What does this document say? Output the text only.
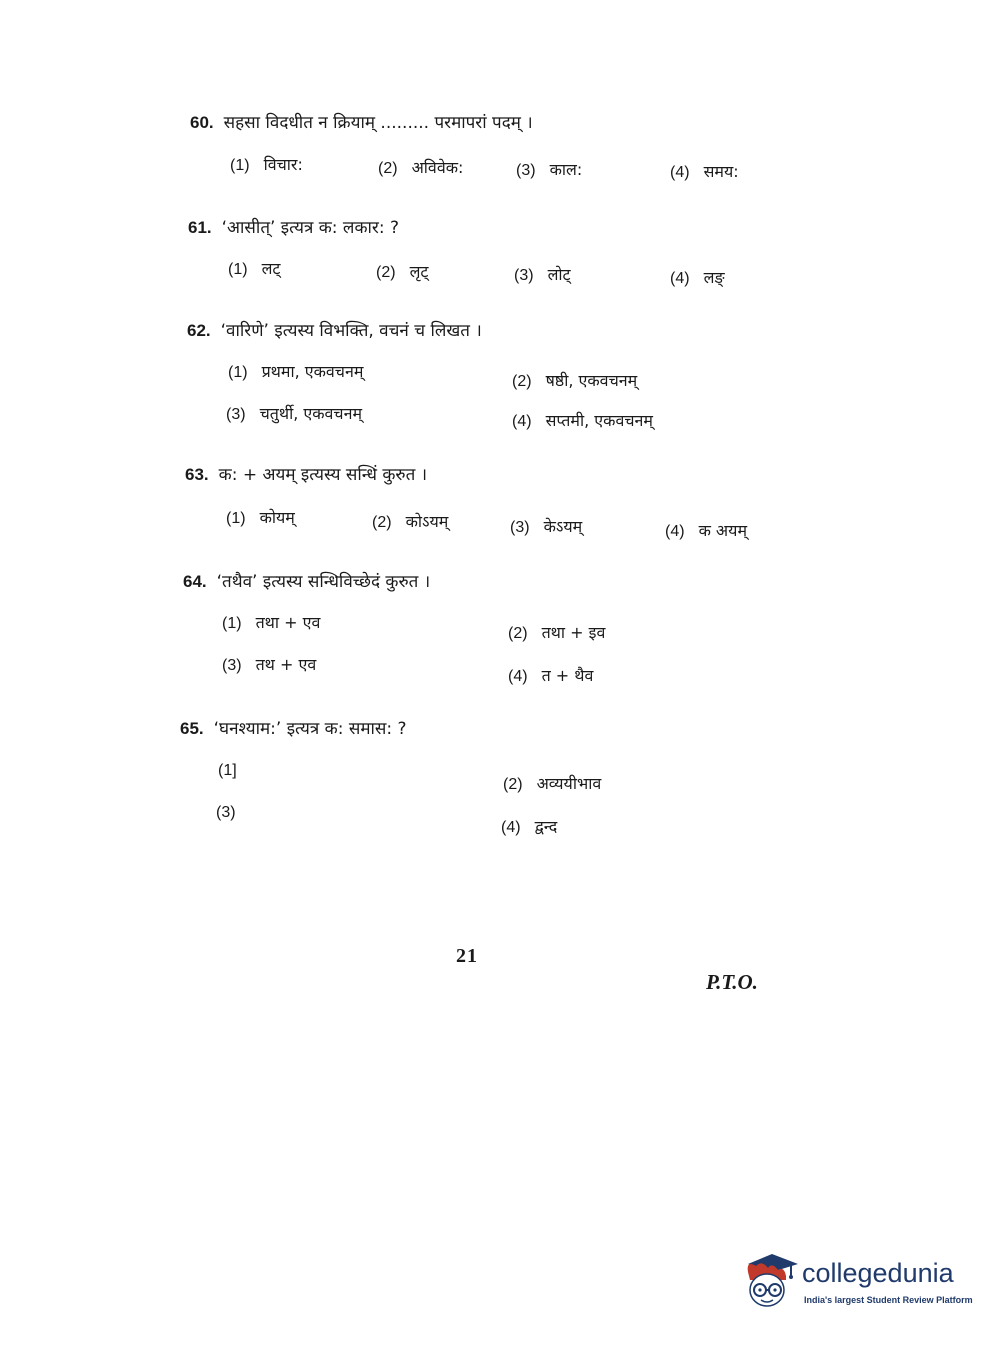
60. सहसा विदधीत न क्रियाम् ......... परमापरां पदम् ।
(1) विचार:	(2) अविवेक:	(3) काल:	(4) समय:
61. ‘आसीत्’ इत्यत्र क: लकार: ?
(1) लट्	(2) लृट्	(3) लोट्	(4) लङ्
62. ‘वारिणे’ इत्यस्य विभक्ति, वचनं च लिखत ।
(1) प्रथमा, एकवचनम्
(2) षष्ठी, एकवचनम्
(3) चतुर्थी, एकवचनम्	(4) सप्तमी, एकवचनम्
63. क: + अयम् इत्यस्य सन्धिं कुरुत ।
(1) कोयम्	(2) कोऽयम्	(3) केऽयम्	(4) क अयम्
64. ‘तथैव’ इत्यस्य सन्धिविच्छेदं कुरुत ।
(1) तथा + एव
(2) तथा + इव
(3) तथ + एव
(4) त + थैव
65. ‘घनश्याम:’ इत्यत्र क: समास: ?
(1]
(2) अव्ययीभाव
(3)
(4) द्वन्द
21
P.T.O.
collegedunia
India's largest Student Review Platform
